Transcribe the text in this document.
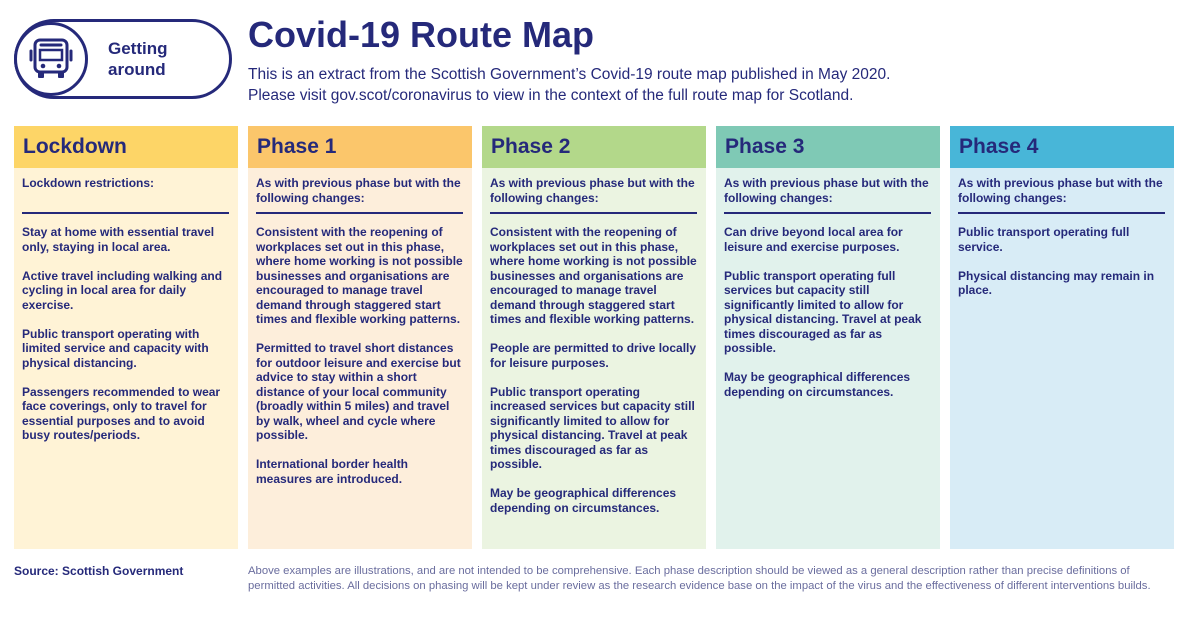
Getting
around
Covid-19 Route Map
This is an extract from the Scottish Government’s Covid-19 route map published in May 2020.
Please visit gov.scot/coronavirus to view in the context of the full route map for Scotland.
Lockdown
Lockdown restrictions:
Stay at home with essential travel only, staying in local area.
Active travel including walking and cycling in local area for daily exercise.
Public transport operating with limited service and capacity with physical distancing.
Passengers recommended to wear face coverings, only to travel for essential purposes and to avoid busy routes/periods.
Phase 1
As with previous phase but with the following changes:
Consistent with the reopening of workplaces set out in this phase, where home working is not possible businesses and organisations are encouraged to manage travel demand through staggered start times and flexible working patterns.
Permitted to travel short distances for outdoor leisure and exercise but advice to stay within a short distance of your local community (broadly within 5 miles) and travel by walk, wheel and cycle where possible.
International border health measures are introduced.
Phase 2
As with previous phase but with the following changes:
Consistent with the reopening of workplaces set out in this phase, where home working is not possible businesses and organisations are encouraged to manage travel demand through staggered start times and flexible working patterns.
People are permitted to drive locally for leisure purposes.
Public transport operating increased services but capacity still significantly limited to allow for physical distancing. Travel at peak times discouraged as far as possible.
May be geographical differences depending on circumstances.
Phase 3
As with previous phase but with the following changes:
Can drive beyond local area for leisure and exercise purposes.
Public transport operating full services but capacity still significantly limited to allow for physical distancing. Travel at peak times discouraged as far as possible.
May be geographical differences depending on circumstances.
Phase 4
As with previous phase but with the following changes:
Public transport operating full service.
Physical distancing may remain in place.
Source: Scottish Government	Above examples are illustrations, and are not intended to be comprehensive. Each phase description should be viewed as a general description rather than precise definitions of permitted activities. All decisions on phasing will be kept under review as the research evidence base on the impact of the virus and the effectiveness of different interventions builds.
